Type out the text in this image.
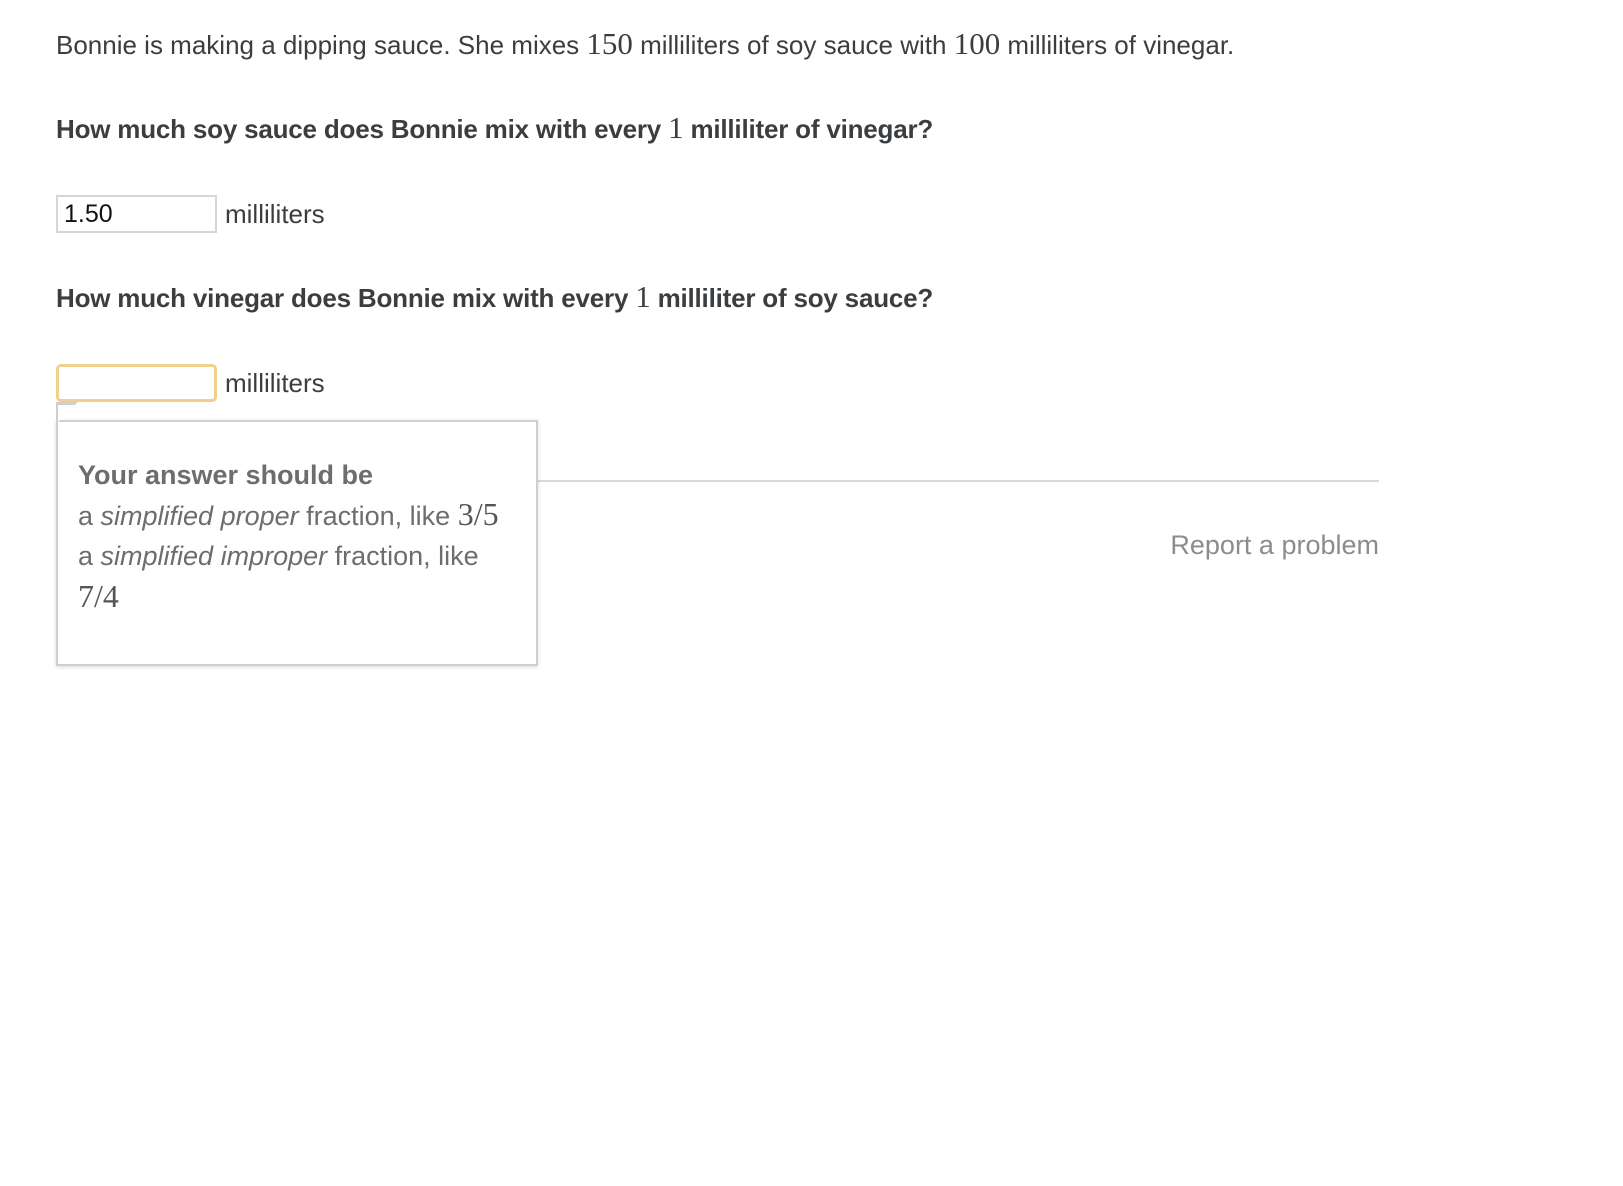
Bonnie is making a dipping sauce. She mixes 150 milliliters of soy sauce with 100 milliliters of vinegar.
How much soy sauce does Bonnie mix with every 1 milliliter of vinegar?
1.50
milliliters
How much vinegar does Bonnie mix with every 1 milliliter of soy sauce?
milliliters
Report a problem
Your answer should be
a simplified proper fraction, like 3/5
a simplified improper fraction, like
7/4
